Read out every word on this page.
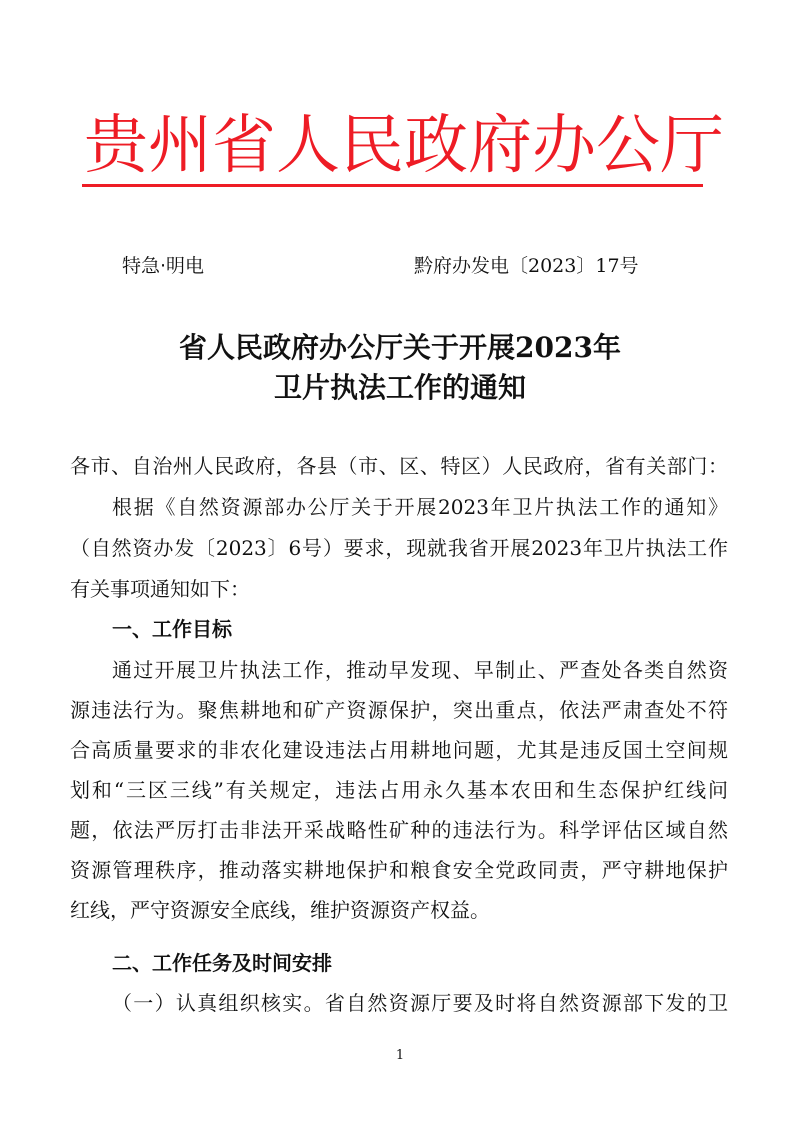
贵州省人民政府办公厅
特急·明电	黔府办发电〔2023〕17号
省人民政府办公厅关于开展2023年
卫片执法工作的通知
各市、自治州人民政府，各县（市、区、特区）人民政府，省有关部门：
根据《自然资源部办公厅关于开展2023年卫片执法工作的通知》
（自然资办发〔2023〕6号）要求，现就我省开展2023年卫片执法工作
有关事项通知如下：
一、工作目标
通过开展卫片执法工作，推动早发现、早制止、严查处各类自然资
源违法行为。聚焦耕地和矿产资源保护，突出重点，依法严肃查处不符
合高质量要求的非农化建设违法占用耕地问题，尤其是违反国土空间规
划和“三区三线”有关规定，违法占用永久基本农田和生态保护红线问
题，依法严厉打击非法开采战略性矿种的违法行为。科学评估区域自然
资源管理秩序，推动落实耕地保护和粮食安全党政同责，严守耕地保护
红线，严守资源安全底线，维护资源资产权益。
二、工作任务及时间安排
（一）认真组织核实。省自然资源厅要及时将自然资源部下发的卫
1
